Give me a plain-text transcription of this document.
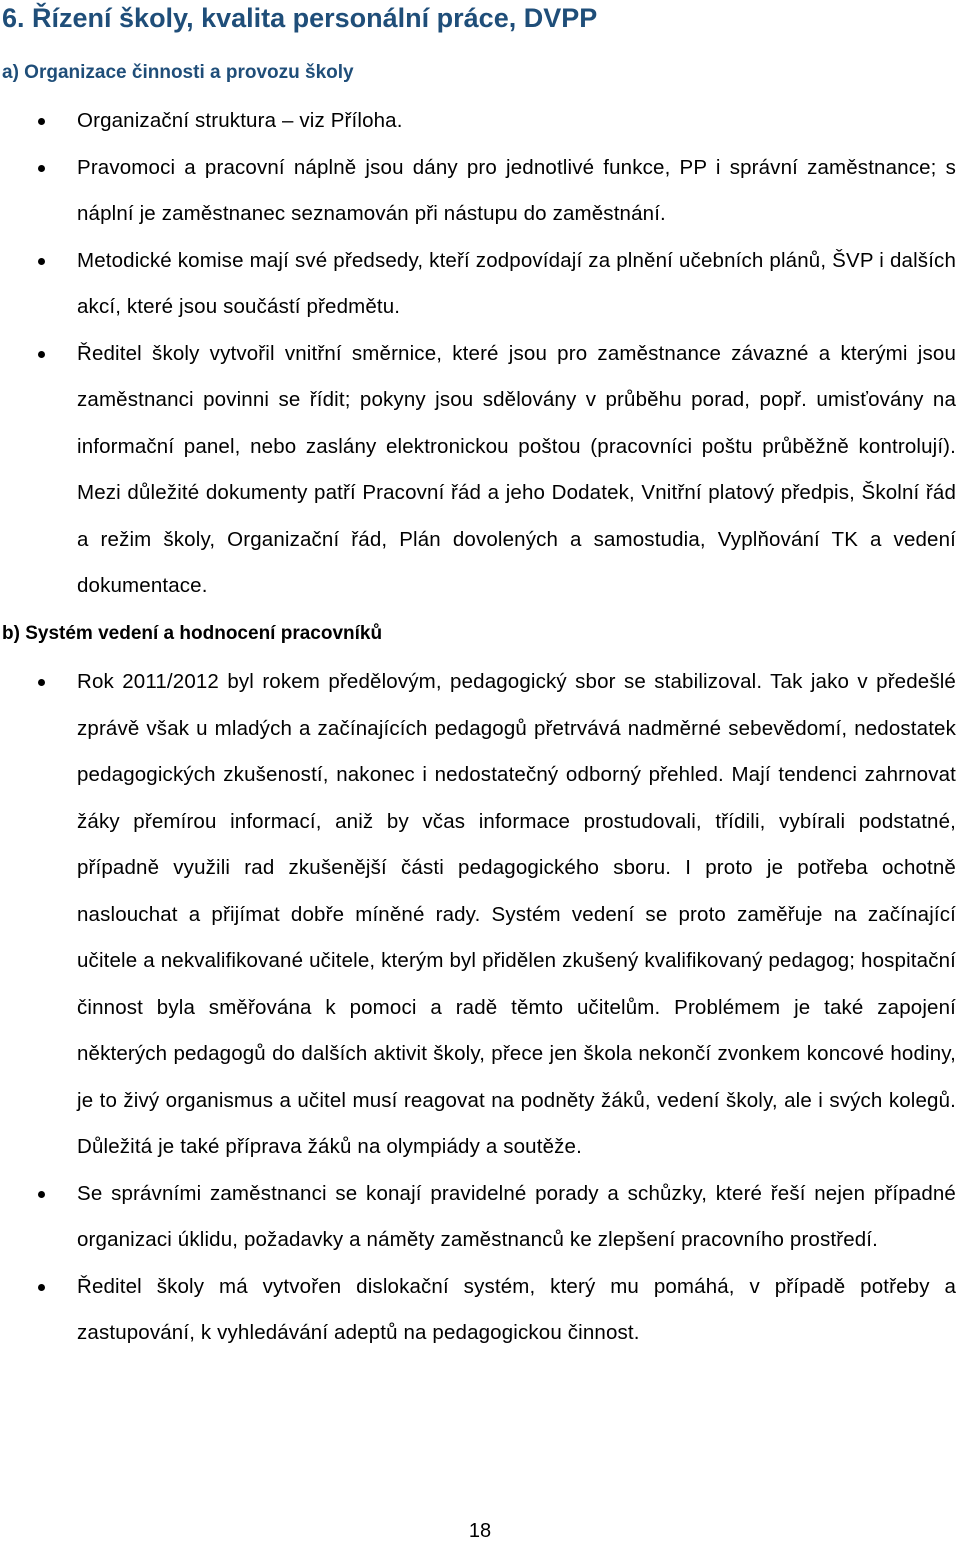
6. Řízení školy, kvalita personální práce, DVPP
a) Organizace činnosti a provozu školy
Organizační struktura – viz Příloha.
Pravomoci a pracovní náplně jsou dány pro jednotlivé funkce, PP i správní zaměstnance; s náplní je zaměstnanec seznamován při nástupu do zaměstnání.
Metodické komise mají své předsedy, kteří zodpovídají za plnění učebních plánů, ŠVP i dalších akcí, které jsou součástí předmětu.
Ředitel školy vytvořil vnitřní směrnice, které jsou pro zaměstnance závazné a kterými jsou zaměstnanci povinni se řídit; pokyny jsou sdělovány v průběhu porad, popř. umisťovány na informační panel, nebo zaslány elektronickou poštou (pracovníci poštu průběžně kontrolují). Mezi důležité dokumenty patří Pracovní řád a jeho Dodatek, Vnitřní platový předpis, Školní řád a režim školy, Organizační řád, Plán dovolených a samostudia, Vyplňování TK a vedení dokumentace.
b) Systém vedení a hodnocení pracovníků
Rok 2011/2012 byl rokem předělovým, pedagogický sbor se stabilizoval. Tak jako v předešlé zprávě však u mladých a začínajících pedagogů přetrvává nadměrné sebevědomí, nedostatek pedagogických zkušeností, nakonec i nedostatečný odborný přehled. Mají tendenci zahrnovat žáky přemírou informací, aniž by včas informace prostudovali, třídili, vybírali podstatné, případně využili rad zkušenější části pedagogického sboru. I proto je potřeba ochotně naslouchat a přijímat dobře míněné rady. Systém vedení se proto zaměřuje na začínající učitele a nekvalifikované učitele, kterým byl přidělen zkušený kvalifikovaný pedagog; hospitační činnost byla směřována k pomoci a radě těmto učitelům. Problémem je také zapojení některých pedagogů do dalších aktivit školy, přece jen škola nekončí zvonkem koncové hodiny, je to živý organismus a učitel musí reagovat na podněty žáků, vedení školy, ale i svých kolegů. Důležitá je také příprava žáků na olympiády a soutěže.
Se správními zaměstnanci se konají pravidelné porady a schůzky, které řeší nejen případné organizaci úklidu, požadavky a náměty zaměstnanců ke zlepšení pracovního prostředí.
Ředitel školy má vytvořen dislokační systém, který mu pomáhá, v případě potřeby a zastupování, k vyhledávání adeptů na pedagogickou činnost.
18
